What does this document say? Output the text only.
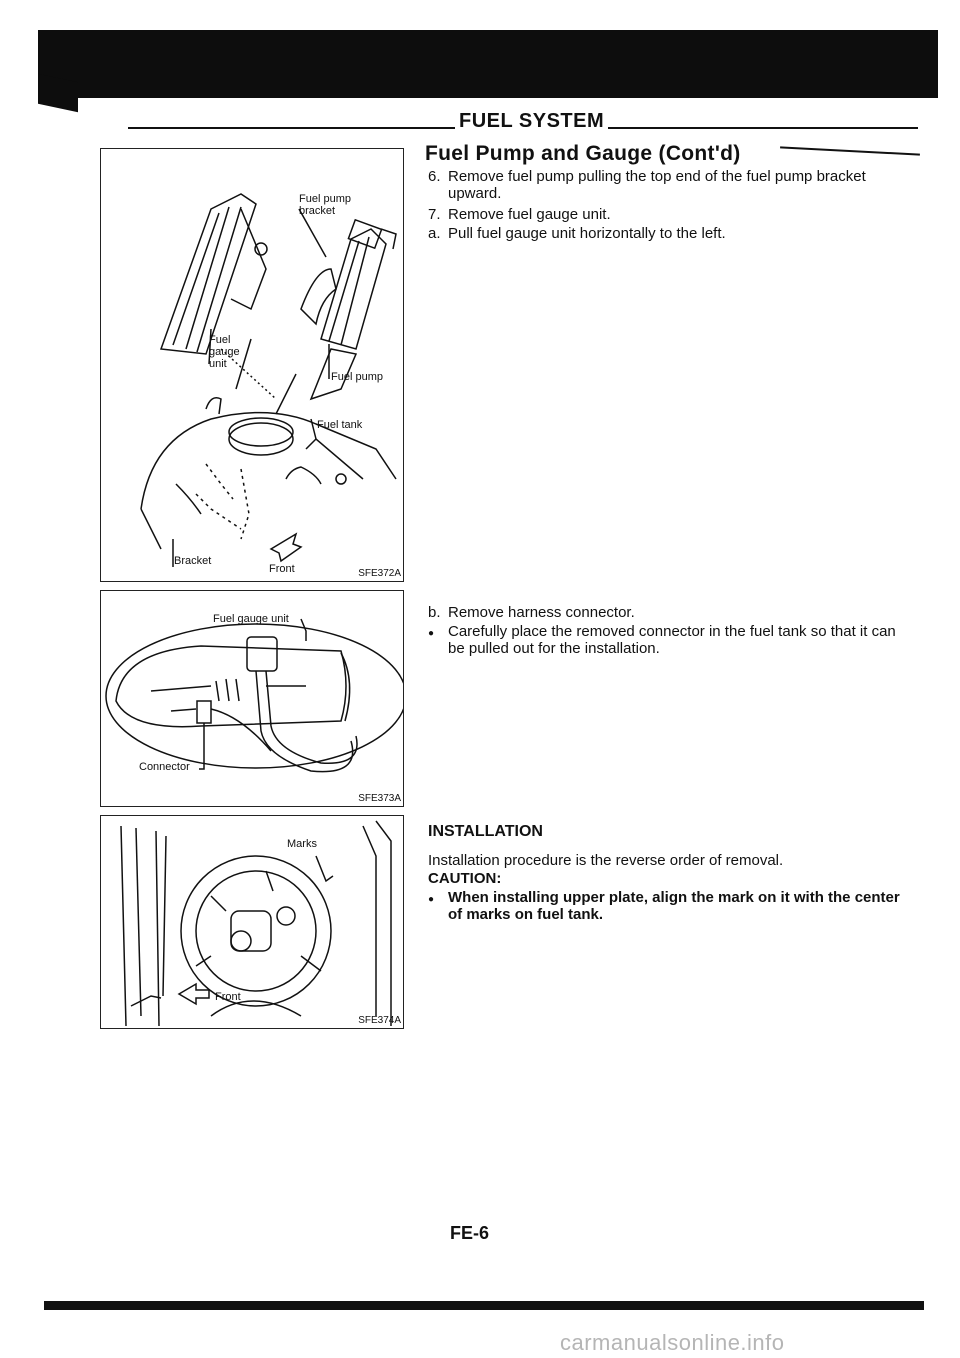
FUEL SYSTEM
Fuel Pump and Gauge (Cont'd)
Fuel pump bracket
Fuel gauge unit
Fuel pump
Fuel tank
Bracket
Front	SFE372A
Fuel gauge unit
Connector
SFE373A
Marks
Front
SFE374A
6. Remove fuel pump pulling the top end of the fuel pump bracket upward.
7. Remove fuel gauge unit.
a. Pull fuel gauge unit horizontally to the left.
b. Remove harness connector.
●Carefully place the removed connector in the fuel tank so that it can be pulled out for the installation.
INSTALLATION
Installation procedure is the reverse order of removal.
CAUTION:
●When installing upper plate, align the mark on it with the center of marks on fuel tank.
FE-6
carmanualsonline.info
